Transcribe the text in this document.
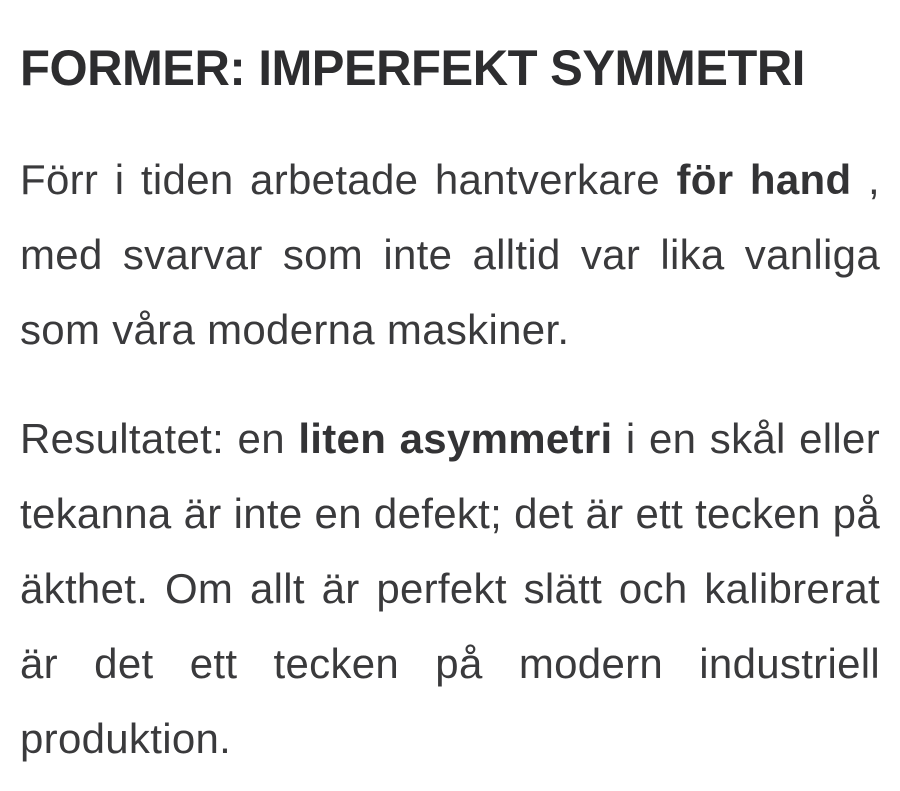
FORMER: IMPERFEKT SYMMETRI

Förr i tiden arbetade hantverkare för hand , med svarvar som inte alltid var lika vanliga som våra moderna maskiner.

Resultatet: en liten asymmetri i en skål eller tekanna är inte en defekt; det är ett tecken på äkthet. Om allt är perfekt slätt och kalibrerat är det ett tecken på modern industriell produktion.
